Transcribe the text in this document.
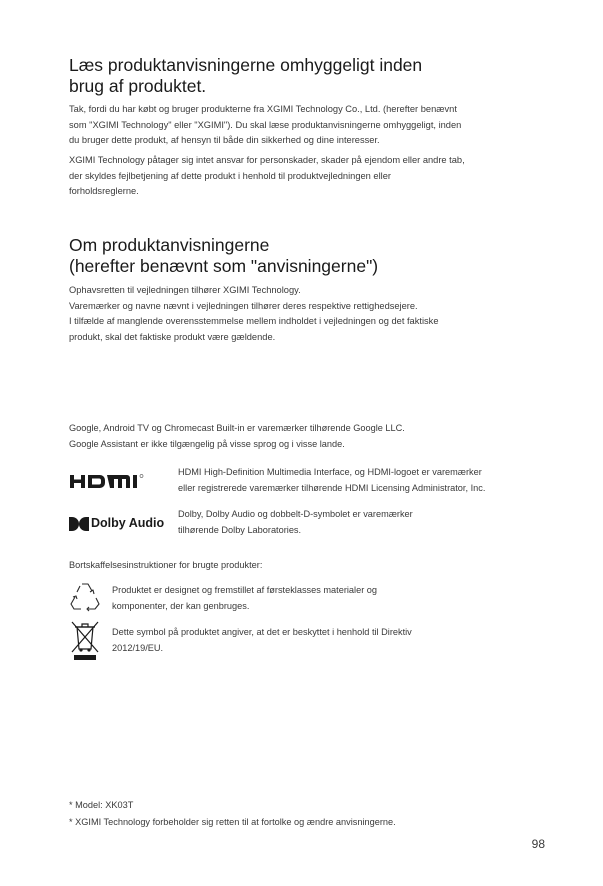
Læs produktanvisningerne omhyggeligt inden
brug af produktet.
Tak, fordi du har købt og bruger produkterne fra XGIMI Technology Co., Ltd. (herefter benævnt
som "XGIMI Technology" eller "XGIMI"). Du skal læse produktanvisningerne omhyggeligt, inden
du bruger dette produkt, af hensyn til både din sikkerhed og dine interesser.
XGIMI Technology påtager sig intet ansvar for personskader, skader på ejendom eller andre tab,
der skyldes fejlbetjening af dette produkt i henhold til produktvejledningen eller
forholdsreglerne.
Om produktanvisningerne
(herefter benævnt som "anvisningerne")
Ophavsretten til vejledningen tilhører XGIMI Technology.
Varemærker og navne nævnt i vejledningen tilhører deres respektive rettighedsejere.
I tilfælde af manglende overensstemmelse mellem indholdet i vejledningen og det faktiske
produkt, skal det faktiske produkt være gældende.
Google, Android TV og Chromecast Built-in er varemærker tilhørende Google LLC.
Google Assistant er ikke tilgængelig på visse sprog og i visse lande.
HDMI High-Definition Multimedia Interface, og HDMI-logoet er varemærker
eller registrerede varemærker tilhørende HDMI Licensing Administrator, Inc.
Dolby Audio
Dolby, Dolby Audio og dobbelt-D-symbolet er varemærker
tilhørende Dolby Laboratories.
Bortskaffelsesinstruktioner for brugte produkter:
Produktet er designet og fremstillet af førsteklasses materialer og
komponenter, der kan genbruges.
Dette symbol på produktet angiver, at det er beskyttet i henhold til Direktiv
2012/19/EU.
* Model: XK03T
* XGIMI Technology forbeholder sig retten til at fortolke og ændre anvisningerne.
98
